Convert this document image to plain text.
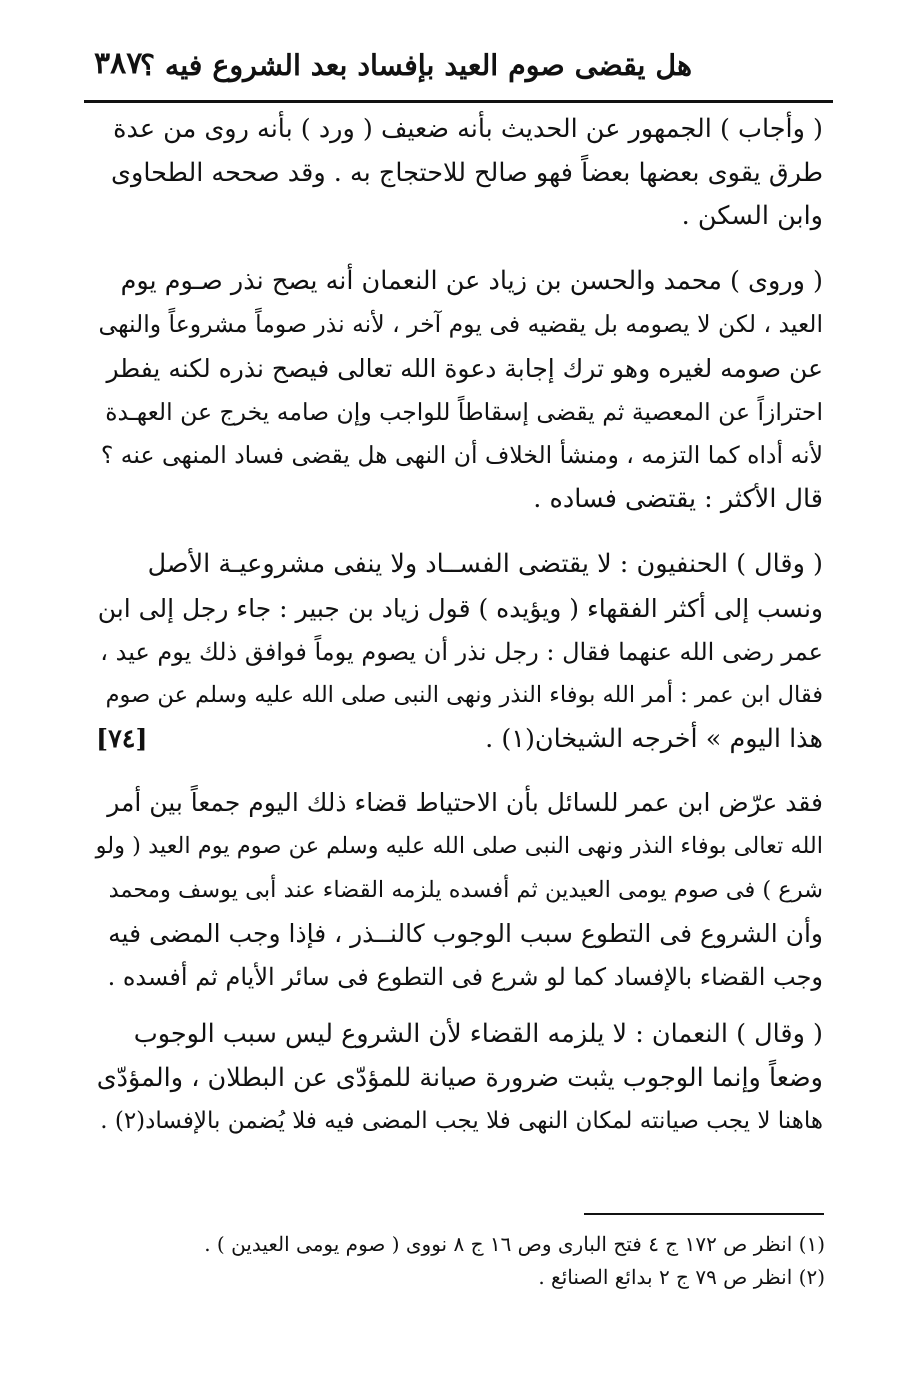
هل يقضى صوم العيد بإفساد بعد الشروع فيه ؟
٣٨٧

( وأجاب ) الجمهور عن الحديث بأنه ضعيف ( ورد ) بأنه روى من عدة
طرق يقوى بعضها بعضاً فهو صالح للاحتجاج به . وقد صححه الطحاوى
وابن السكن .

( وروى ) محمد والحسن بن زياد عن النعمان أنه يصح نذر صـوم يوم
العيد ، لكن لا يصومه بل يقضيه فى يوم آخر ، لأنه نذر صوماً مشروعاً والنهى
عن صومه لغيره وهو ترك إجابة دعوة الله تعالى فيصح نذره لكنه يفطر
احترازاً عن المعصية ثم يقضى إسقاطاً للواجب وإن صامه يخرج عن العهـدة
لأنه أداه كما التزمه ، ومنشأ الخلاف أن النهى هل يقضى فساد المنهى عنه ؟
قال الأكثر : يقتضى فساده .

( وقال ) الحنفيون : لا يقتضى الفســاد ولا ينفى مشروعيـة الأصل
ونسب إلى أكثر الفقهاء ( ويؤيده ) قول زياد بن جبير : جاء رجل إلى ابن
عمر رضى الله عنهما فقال : رجل نذر أن يصوم يوماً فوافق ذلك يوم عيد ،
فقال ابن عمر : أمر الله بوفاء النذر ونهى النبى صلى الله عليه وسلم عن صوم
هذا اليوم » أخرجه الشيخان(١) .
[٧٤]

فقد عرّض ابن عمر للسائل بأن الاحتياط قضاء ذلك اليوم جمعاً بين أمر
الله تعالى بوفاء النذر ونهى النبى صلى الله عليه وسلم عن صوم يوم العيد ( ولو
شرع ) فى صوم يومى العيدين ثم أفسده يلزمه القضاء عند أبى يوسف ومحمد
وأن الشروع فى التطوع سبب الوجوب كالنــذر ، فإذا وجب المضى فيه
وجب القضاء بالإفساد كما لو شرع فى التطوع فى سائر الأيام ثم أفسده .

( وقال ) النعمان : لا يلزمه القضاء لأن الشروع ليس سبب الوجوب
وضعاً وإنما الوجوب يثبت ضرورة صيانة للمؤدّى عن البطلان ، والمؤدّى
هاهنا لا يجب صيانته لمكان النهى فلا يجب المضى فيه فلا يُضمن بالإفساد(٢) .

(١) انظر ص ١٧٢ ج ٤ فتح البارى وص ١٦ ج ٨ نووى ( صوم يومى العيدين ) .
(٢) انظر ص ٧٩ ج ٢ بدائع الصنائع .
